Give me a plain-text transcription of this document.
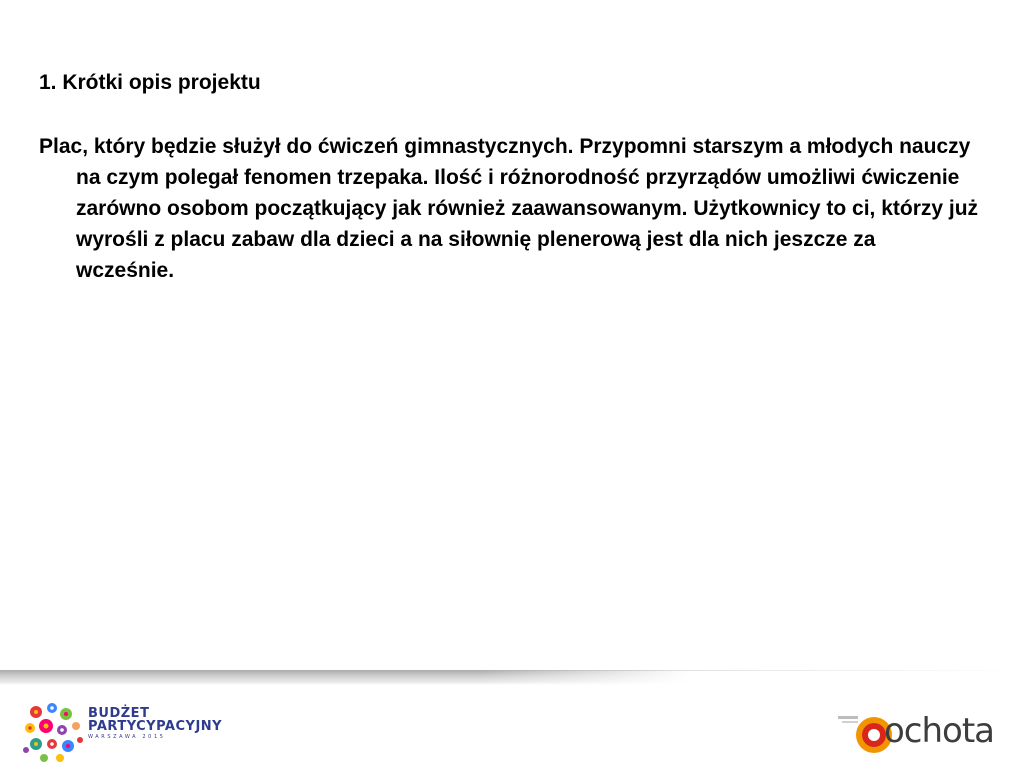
1. Krótki opis projektu

Plac, który będzie służył do ćwiczeń gimnastycznych. Przypomni starszym a młodych nauczy na czym polegał fenomen trzepaka. Ilość i różnorodność przyrządów umożliwi ćwiczenie zarówno osobom początkujący jak również zaawansowanym. Użytkownicy to ci, którzy już wyrośli z placu zabaw dla dzieci a na siłownię plenerową jest dla nich jeszcze za wcześnie.

BUDŻET
PARTYCYPACYJNY
WARSZAWA 2015	ochota
